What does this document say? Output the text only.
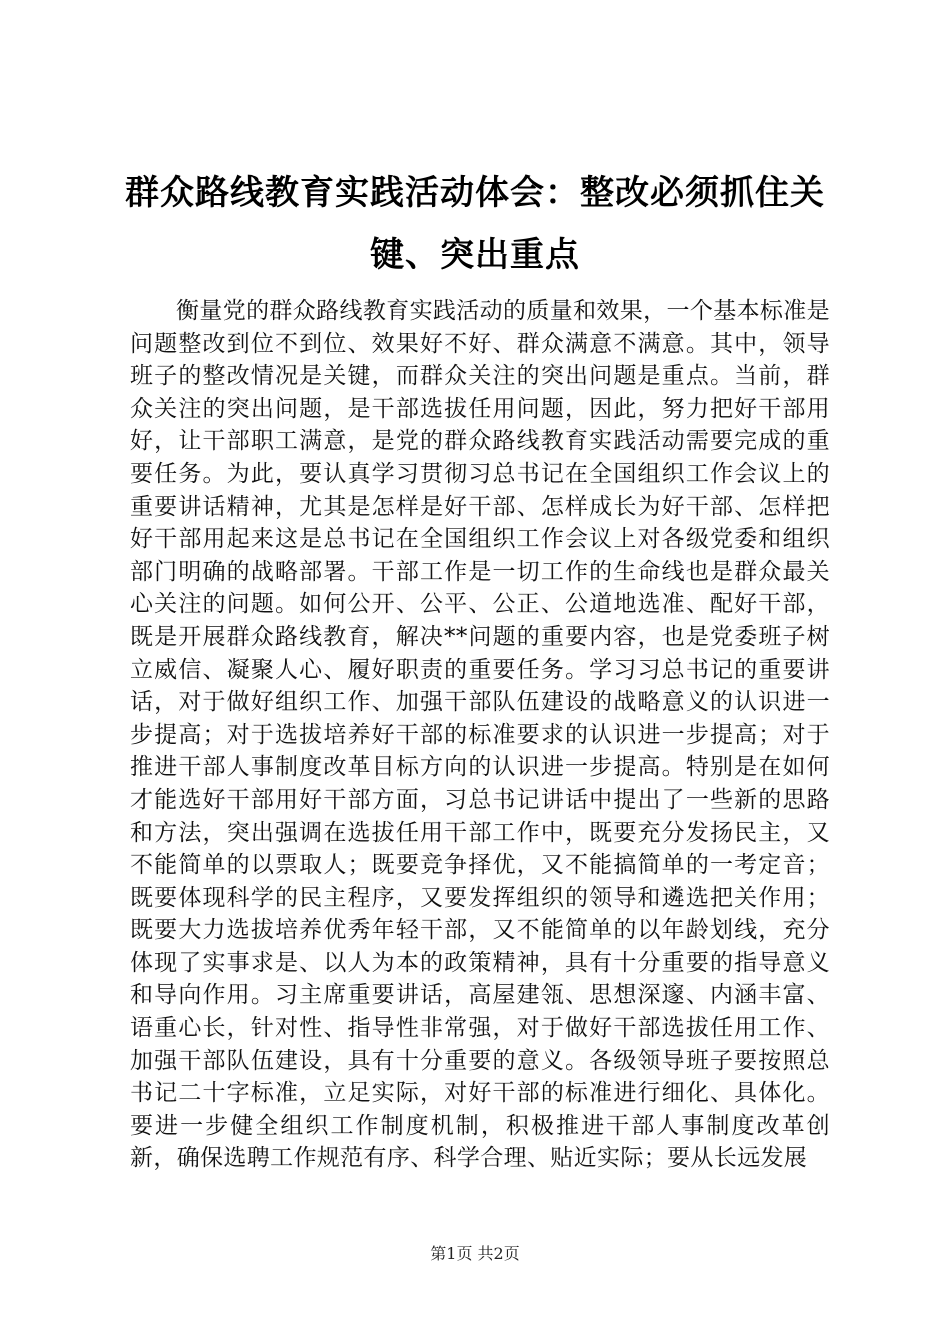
群众路线教育实践活动体会：整改必须抓住关键、突出重点

衡量党的群众路线教育实践活动的质量和效果，一个基本标准是问题整改到位不到位、效果好不好、群众满意不满意。其中，领导班子的整改情况是关键，而群众关注的突出问题是重点。当前，群众关注的突出问题，是干部选拔任用问题，因此，努力把好干部用好，让干部职工满意，是党的群众路线教育实践活动需要完成的重要任务。为此，要认真学习贯彻习总书记在全国组织工作会议上的重要讲话精神，尤其是怎样是好干部、怎样成长为好干部、怎样把好干部用起来这是总书记在全国组织工作会议上对各级党委和组织部门明确的战略部署。干部工作是一切工作的生命线也是群众最关心关注的问题。如何公开、公平、公正、公道地选准、配好干部，既是开展群众路线教育，解决**问题的重要内容，也是党委班子树立威信、凝聚人心、履好职责的重要任务。学习习总书记的重要讲话，对于做好组织工作、加强干部队伍建设的战略意义的认识进一步提高；对于选拔培养好干部的标准要求的认识进一步提高；对于推进干部人事制度改革目标方向的认识进一步提高。特别是在如何才能选好干部用好干部方面，习总书记讲话中提出了一些新的思路和方法，突出强调在选拔任用干部工作中，既要充分发扬民主，又不能简单的以票取人；既要竞争择优，又不能搞简单的一考定音；既要体现科学的民主程序，又要发挥组织的领导和遴选把关作用；既要大力选拔培养优秀年轻干部，又不能简单的以年龄划线，充分体现了实事求是、以人为本的政策精神，具有十分重要的指导意义和导向作用。习主席重要讲话，高屋建瓴、思想深邃、内涵丰富、语重心长，针对性、指导性非常强，对于做好干部选拔任用工作、加强干部队伍建设，具有十分重要的意义。各级领导班子要按照总书记二十字标准，立足实际，对好干部的标准进行细化、具体化。要进一步健全组织工作制度机制，积极推进干部人事制度改革创新，确保选聘工作规范有序、科学合理、贴近实际；要从长远发展

第1页 共2页
